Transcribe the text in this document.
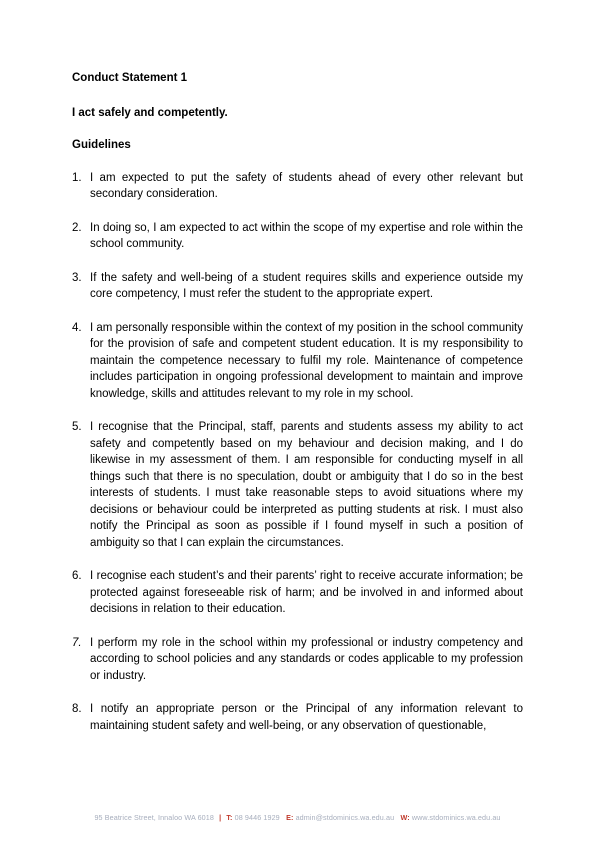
Conduct Statement 1
I act safely and competently.
Guidelines
1. I am expected to put the safety of students ahead of every other relevant but secondary consideration.
2. In doing so, I am expected to act within the scope of my expertise and role within the school community.
3. If the safety and well-being of a student requires skills and experience outside my core competency, I must refer the student to the appropriate expert.
4. I am personally responsible within the context of my position in the school community for the provision of safe and competent student education. It is my responsibility to maintain the competence necessary to fulfil my role. Maintenance of competence includes participation in ongoing professional development to maintain and improve knowledge, skills and attitudes relevant to my role in my school.
5. I recognise that the Principal, staff, parents and students assess my ability to act safety and competently based on my behaviour and decision making, and I do likewise in my assessment of them. I am responsible for conducting myself in all things such that there is no speculation, doubt or ambiguity that I do so in the best interests of students. I must take reasonable steps to avoid situations where my decisions or behaviour could be interpreted as putting students at risk. I must also notify the Principal as soon as possible if I found myself in such a position of ambiguity so that I can explain the circumstances.
6. I recognise each student’s and their parents’ right to receive accurate information; be protected against foreseeable risk of harm; and be involved in and informed about decisions in relation to their education.
7. I perform my role in the school within my professional or industry competency and according to school policies and any standards or codes applicable to my profession or industry.
8. I notify an appropriate person or the Principal of any information relevant to maintaining student safety and well-being, or any observation of questionable,
95 Beatrice Street, Innaloo WA 6018 | T: 08 9446 1929 E: admin@stdominics.wa.edu.au W: www.stdominics.wa.edu.au
